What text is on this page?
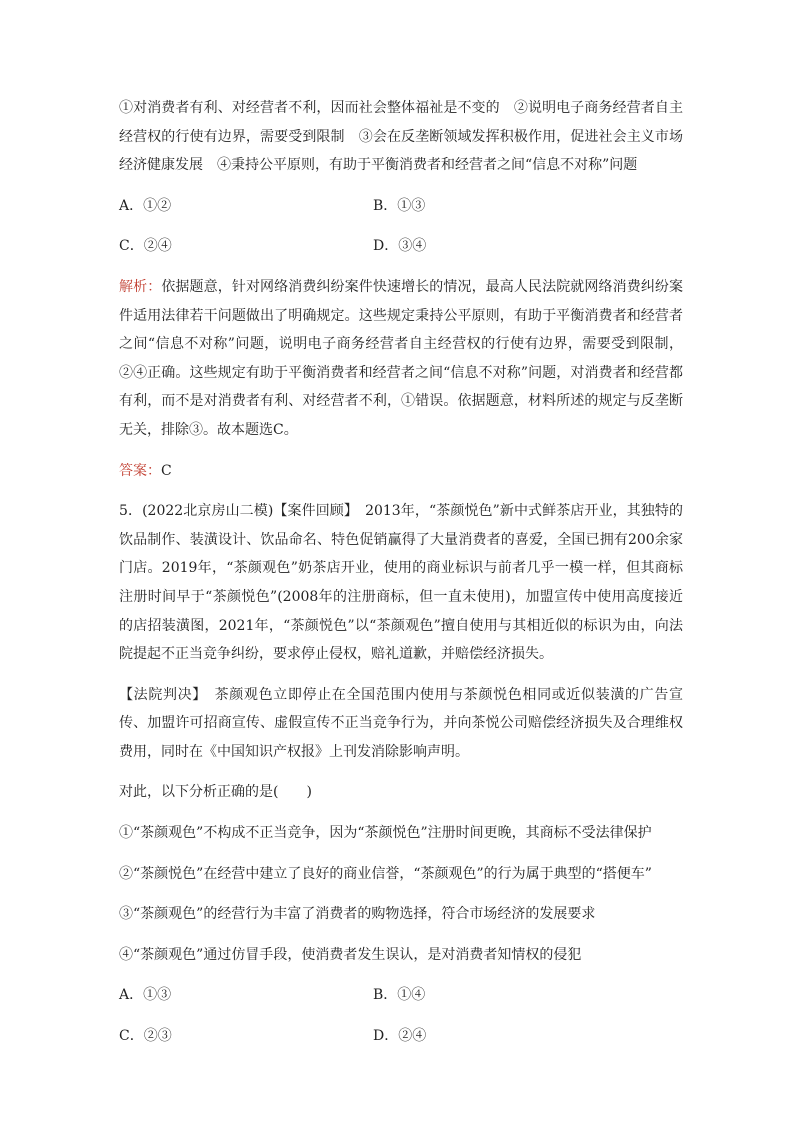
①对消费者有利、对经营者不利，因而社会整体福祉是不变的　②说明电子商务经营者自主经营权的行使有边界，需要受到限制　③会在反垄断领域发挥积极作用，促进社会主义市场经济健康发展　④秉持公平原则，有助于平衡消费者和经营者之间“信息不对称”问题

A．①②	B．①③
C．②④	D．③④

解析：依据题意，针对网络消费纠纷案件快速增长的情况，最高人民法院就网络消费纠纷案件适用法律若干问题做出了明确规定。这些规定秉持公平原则，有助于平衡消费者和经营者之间“信息不对称”问题，说明电子商务经营者自主经营权的行使有边界，需要受到限制，②④正确。这些规定有助于平衡消费者和经营者之间“信息不对称”问题，对消费者和经营都有利，而不是对消费者有利、对经营者不利，①错误。依据题意，材料所述的规定与反垄断无关，排除③。故本题选C。

答案：C

5．(2022北京房山二模)【案件回顾】　2013年，“茶颜悦色”新中式鲜茶店开业，其独特的饮品制作、装潢设计、饮品命名、特色促销赢得了大量消费者的喜爱，全国已拥有200余家门店。2019年，“茶颜观色”奶茶店开业，使用的商业标识与前者几乎一模一样，但其商标注册时间早于“茶颜悦色”(2008年的注册商标，但一直未使用)，加盟宣传中使用高度接近的店招装潢图，2021年，“茶颜悦色”以“茶颜观色”擅自使用与其相近似的标识为由，向法院提起不正当竞争纠纷，要求停止侵权，赔礼道歉，并赔偿经济损失。

【法院判决】　茶颜观色立即停止在全国范围内使用与茶颜悦色相同或近似装潢的广告宣传、加盟许可招商宣传、虚假宣传不正当竞争行为，并向茶悦公司赔偿经济损失及合理维权费用，同时在《中国知识产权报》上刊发消除影响声明。

对此，以下分析正确的是(　　)

①“茶颜观色”不构成不正当竞争，因为“茶颜悦色”注册时间更晚，其商标不受法律保护

②“茶颜悦色”在经营中建立了良好的商业信誉，“茶颜观色”的行为属于典型的“搭便车”

③“茶颜观色”的经营行为丰富了消费者的购物选择，符合市场经济的发展要求

④“茶颜观色”通过仿冒手段，使消费者发生误认，是对消费者知情权的侵犯

A．①③	B．①④
C．②③	D．②④
